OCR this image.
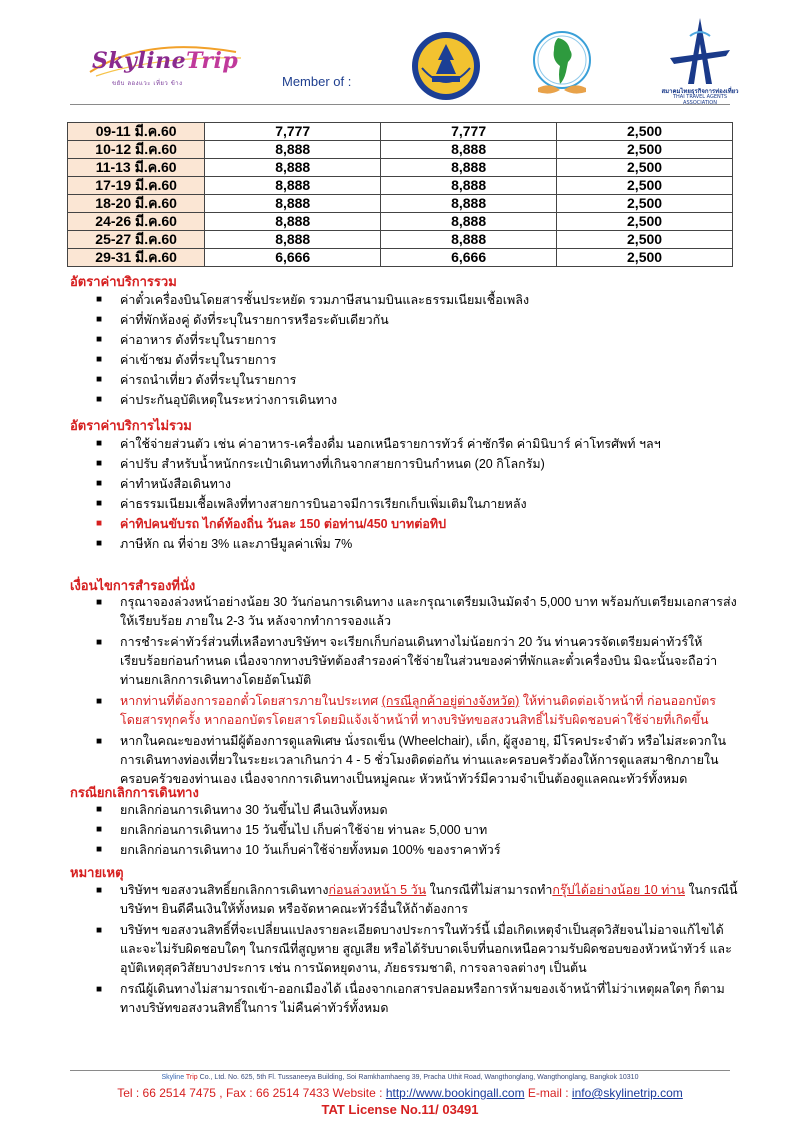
SkylineTrip
ขยับ ลองแวะ เที่ยว ข้าง	Member of :
สมาคมไทยธุรกิจการท่องเที่ยว
THAI TRAVEL AGENTS ASSOCIATION
09-11 มี.ค.60	7,777	7,777	2,500
10-12 มี.ค.60	8,888	8,888	2,500
11-13 มี.ค.60	8,888	8,888	2,500
17-19 มี.ค.60	8,888	8,888	2,500
18-20 มี.ค.60	8,888	8,888	2,500
24-26 มี.ค.60	8,888	8,888	2,500
25-27 มี.ค.60	8,888	8,888	2,500
29-31 มี.ค.60	6,666	6,666	2,500
อัตราค่าบริการรวม
■ ค่าตั๋วเครื่องบินโดยสารชั้นประหยัด รวมภาษีสนามบินและธรรมเนียมเชื้อเพลิง
■ ค่าที่พักห้องคู่ ดังที่ระบุในรายการหรือระดับเดียวกัน
■ ค่าอาหาร ดังที่ระบุในรายการ
■ ค่าเข้าชม ดังที่ระบุในรายการ
■ ค่ารถนำเที่ยว ดังที่ระบุในรายการ
■ ค่าประกันอุบัติเหตุในระหว่างการเดินทาง
อัตราค่าบริการไม่รวม
■ ค่าใช้จ่ายส่วนตัว เช่น ค่าอาหาร-เครื่องดื่ม นอกเหนือรายการทัวร์ ค่าซักรีด ค่ามินิบาร์ ค่าโทรศัพท์ ฯลฯ
■ ค่าปรับ สำหรับน้ำหนักกระเป๋าเดินทางที่เกินจากสายการบินกำหนด (20 กิโลกรัม)
■ ค่าทำหนังสือเดินทาง
■ ค่าธรรมเนียมเชื้อเพลิงที่ทางสายการบินอาจมีการเรียกเก็บเพิ่มเติมในภายหลัง
■ ค่าทิปคนขับรถ ไกด์ท้องถิ่น วันละ 150 ต่อท่าน/450 บาทต่อทิป
■ ภาษีหัก ณ ที่จ่าย 3% และภาษีมูลค่าเพิ่ม 7%
เงื่อนไขการสำรองที่นั่ง
■ กรุณาจองล่วงหน้าอย่างน้อย 30 วันก่อนการเดินทาง และกรุณาเตรียมเงินมัดจำ 5,000 บาท พร้อมกับเตรียมเอกสารส่งให้เรียบร้อย ภายใน 2-3 วัน หลังจากทำการจองแล้ว
■ การชำระค่าทัวร์ส่วนที่เหลือทางบริษัทฯ จะเรียกเก็บก่อนเดินทางไม่น้อยกว่า 20 วัน ท่านควรจัดเตรียมค่าทัวร์ให้เรียบร้อยก่อนกำหนด เนื่องจากทางบริษัทต้องสำรองค่าใช้จ่ายในส่วนของค่าที่พักและตั๋วเครื่องบิน มิฉะนั้นจะถือว่าท่านยกเลิกการเดินทางโดยอัตโนมัติ
■ หากท่านที่ต้องการออกตั๋วโดยสารภายในประเทศ (กรณีลูกค้าอยู่ต่างจังหวัด) ให้ท่านติดต่อเจ้าหน้าที่ ก่อนออกบัตรโดยสารทุกครั้ง หากออกบัตรโดยสารโดยมิแจ้งเจ้าหน้าที่ ทางบริษัทขอสงวนสิทธิ์ไม่รับผิดชอบค่าใช้จ่ายที่เกิดขึ้น
■ หากในคณะของท่านมีผู้ต้องการดูแลพิเศษ นั่งรถเข็น (Wheelchair), เด็ก, ผู้สูงอายุ, มีโรคประจำตัว หรือไม่สะดวกในการเดินทางท่องเที่ยวในระยะเวลาเกินกว่า 4 - 5 ชั่วโมงติดต่อกัน ท่านและครอบครัวต้องให้การดูแลสมาชิกภายในครอบครัวของท่านเอง เนื่องจากการเดินทางเป็นหมู่คณะ หัวหน้าทัวร์มีความจำเป็นต้องดูแลคณะทัวร์ทั้งหมด
กรณียกเลิกการเดินทาง
■ ยกเลิกก่อนการเดินทาง 30 วันขึ้นไป คืนเงินทั้งหมด
■ ยกเลิกก่อนการเดินทาง 15 วันขึ้นไป เก็บค่าใช้จ่าย ท่านละ 5,000 บาท
■ ยกเลิกก่อนการเดินทาง 10 วันเก็บค่าใช้จ่ายทั้งหมด 100% ของราคาทัวร์
หมายเหตุ
■ บริษัทฯ ขอสงวนสิทธิ์ยกเลิกการเดินทางก่อนล่วงหน้า 5 วัน ในกรณีที่ไม่สามารถทำกรุ๊ปได้อย่างน้อย 10 ท่าน ในกรณีนี้บริษัทฯ ยินดีคืนเงินให้ทั้งหมด หรือจัดหาคณะทัวร์อื่นให้ถ้าต้องการ
■ บริษัทฯ ขอสงวนสิทธิ์ที่จะเปลี่ยนแปลงรายละเอียดบางประการในทัวร์นี้ เมื่อเกิดเหตุจำเป็นสุดวิสัยจนไม่อาจแก้ไขได้ และจะไม่รับผิดชอบใดๆ ในกรณีที่สูญหาย สูญเสีย หรือได้รับบาดเจ็บที่นอกเหนือความรับผิดชอบของหัวหน้าทัวร์ และอุบัติเหตุสุดวิสัยบางประการ เช่น การนัดหยุดงาน, ภัยธรรมชาติ, การจลาจลต่างๆ เป็นต้น
■ กรณีผู้เดินทางไม่สามารถเข้า-ออกเมืองได้ เนื่องจากเอกสารปลอมหรือการห้ามของเจ้าหน้าที่ไม่ว่าเหตุผลใดๆ ก็ตาม ทางบริษัทขอสงวนสิทธิ์ในการ ไม่คืนค่าทัวร์ทั้งหมด
Skyline Trip Co., Ltd. No. 625, 5th Fl. Tussaneeya Building, Soi Ramkhamhaeng 39, Pracha Uthit Road, Wangthonglang, Wangthonglang, Bangkok 10310
Tel : 66 2514 7475 , Fax : 66 2514 7433 Website : http://www.bookingall.com E-mail : info@skylinetrip.com
TAT License No.11/ 03491
